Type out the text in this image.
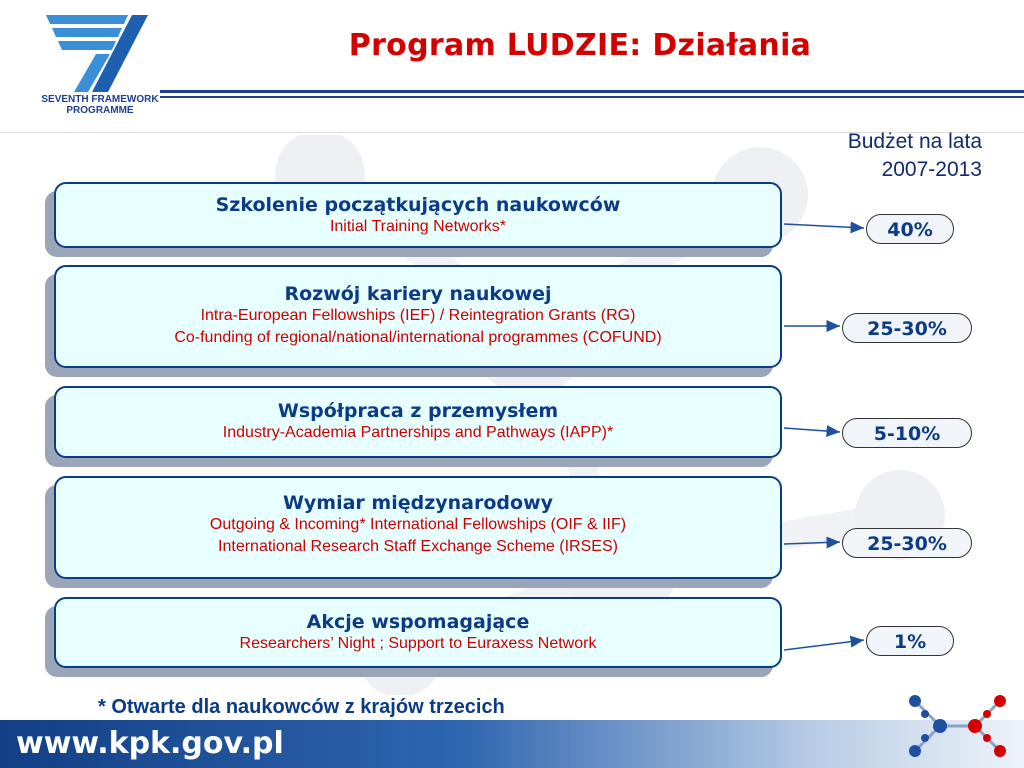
SEVENTH FRAMEWORK
PROGRAMME
Program LUDZIE: Działania
Budżet na lata
2007-2013
Szkolenie początkujących naukowców
Initial Training Networks*
Rozwój kariery naukowej
Intra-European Fellowships (IEF) / Reintegration Grants (RG)
Co-funding of regional/national/international programmes (COFUND)
Współpraca z przemysłem
Industry-Academia Partnerships and Pathways (IAPP)*
Wymiar międzynarodowy
Outgoing & Incoming* International Fellowships (OIF & IIF)
International Research Staff Exchange Scheme (IRSES)
Akcje wspomagające
Researchers’ Night ; Support to Euraxess Network
40%
25-30%
5-10%
25-30%
1%
* Otwarte dla naukowców z krajów trzecich
www.kpk.gov.pl
